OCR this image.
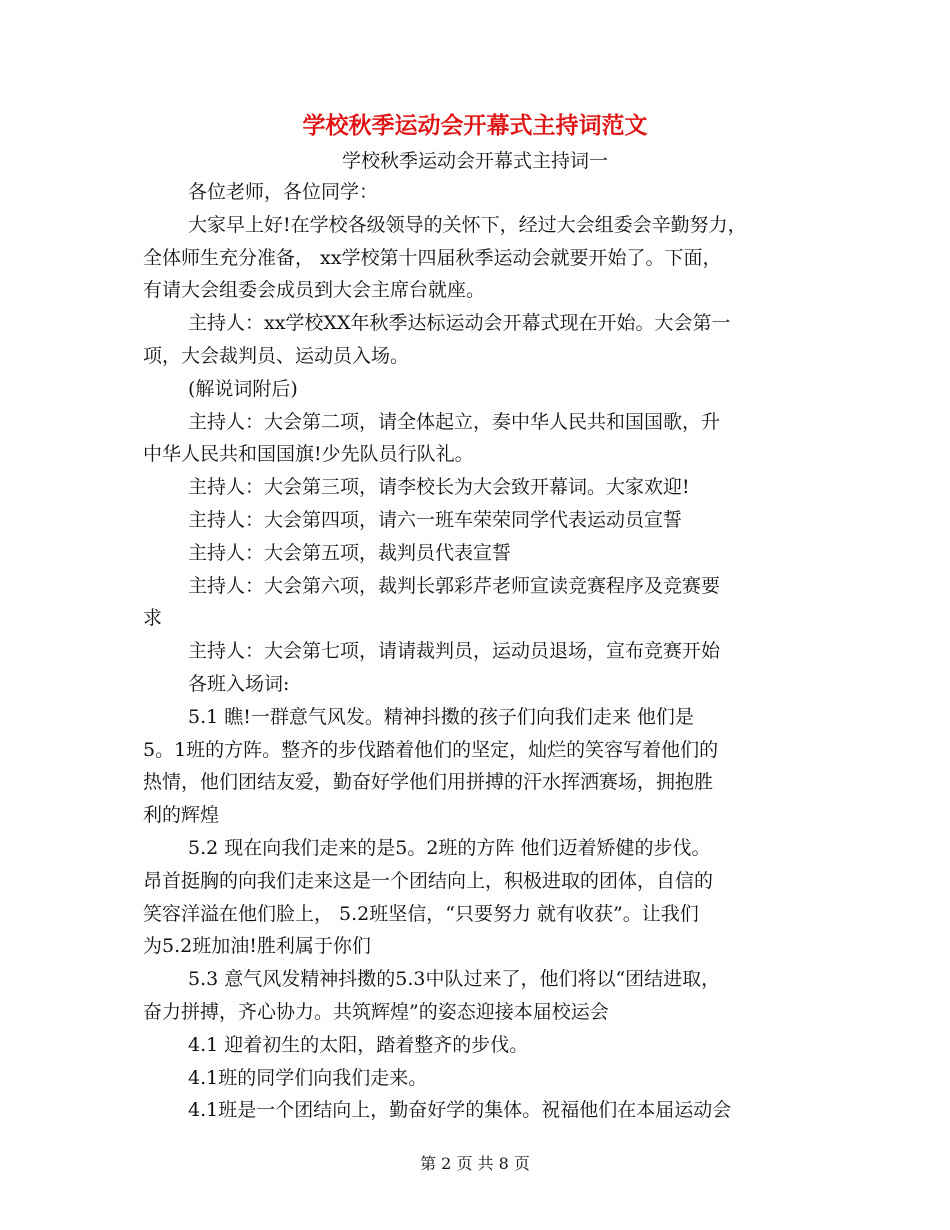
学校秋季运动会开幕式主持词范文
学校秋季运动会开幕式主持词一
各位老师，各位同学：
大家早上好!在学校各级领导的关怀下，经过大会组委会辛勤努力，
全体师生充分准备， xx学校第十四届秋季运动会就要开始了。下面，
有请大会组委会成员到大会主席台就座。
主持人：xx学校XX年秋季达标运动会开幕式现在开始。大会第一
项，大会裁判员、运动员入场。
(解说词附后)
主持人：大会第二项，请全体起立，奏中华人民共和国国歌，升
中华人民共和国国旗!少先队员行队礼。
主持人：大会第三项，请李校长为大会致开幕词。大家欢迎!
主持人：大会第四项，请六一班车荣荣同学代表运动员宣誓
主持人：大会第五项，裁判员代表宣誓
主持人：大会第六项，裁判长郭彩芹老师宣读竞赛程序及竞赛要
求
主持人：大会第七项，请请裁判员，运动员退场，宣布竞赛开始
各班入场词:
5.1 瞧!一群意气风发。精神抖擞的孩子们向我们走来 他们是
5。1班的方阵。整齐的步伐踏着他们的坚定，灿烂的笑容写着他们的
热情，他们团结友爱，勤奋好学他们用拼搏的汗水挥洒赛场，拥抱胜
利的辉煌
5.2 现在向我们走来的是5。2班的方阵 他们迈着矫健的步伐。
昂首挺胸的向我们走来这是一个团结向上，积极进取的团体，自信的
笑容洋溢在他们脸上， 5.2班坚信，“只要努力 就有收获”。让我们
为5.2班加油!胜利属于你们
5.3 意气风发精神抖擞的5.3中队过来了，他们将以“团结进取，
奋力拼搏，齐心协力。共筑辉煌”的姿态迎接本届校运会
4.1 迎着初生的太阳，踏着整齐的步伐。
4.1班的同学们向我们走来。
4.1班是一个团结向上，勤奋好学的集体。祝福他们在本届运动会
第 2 页 共 8 页
